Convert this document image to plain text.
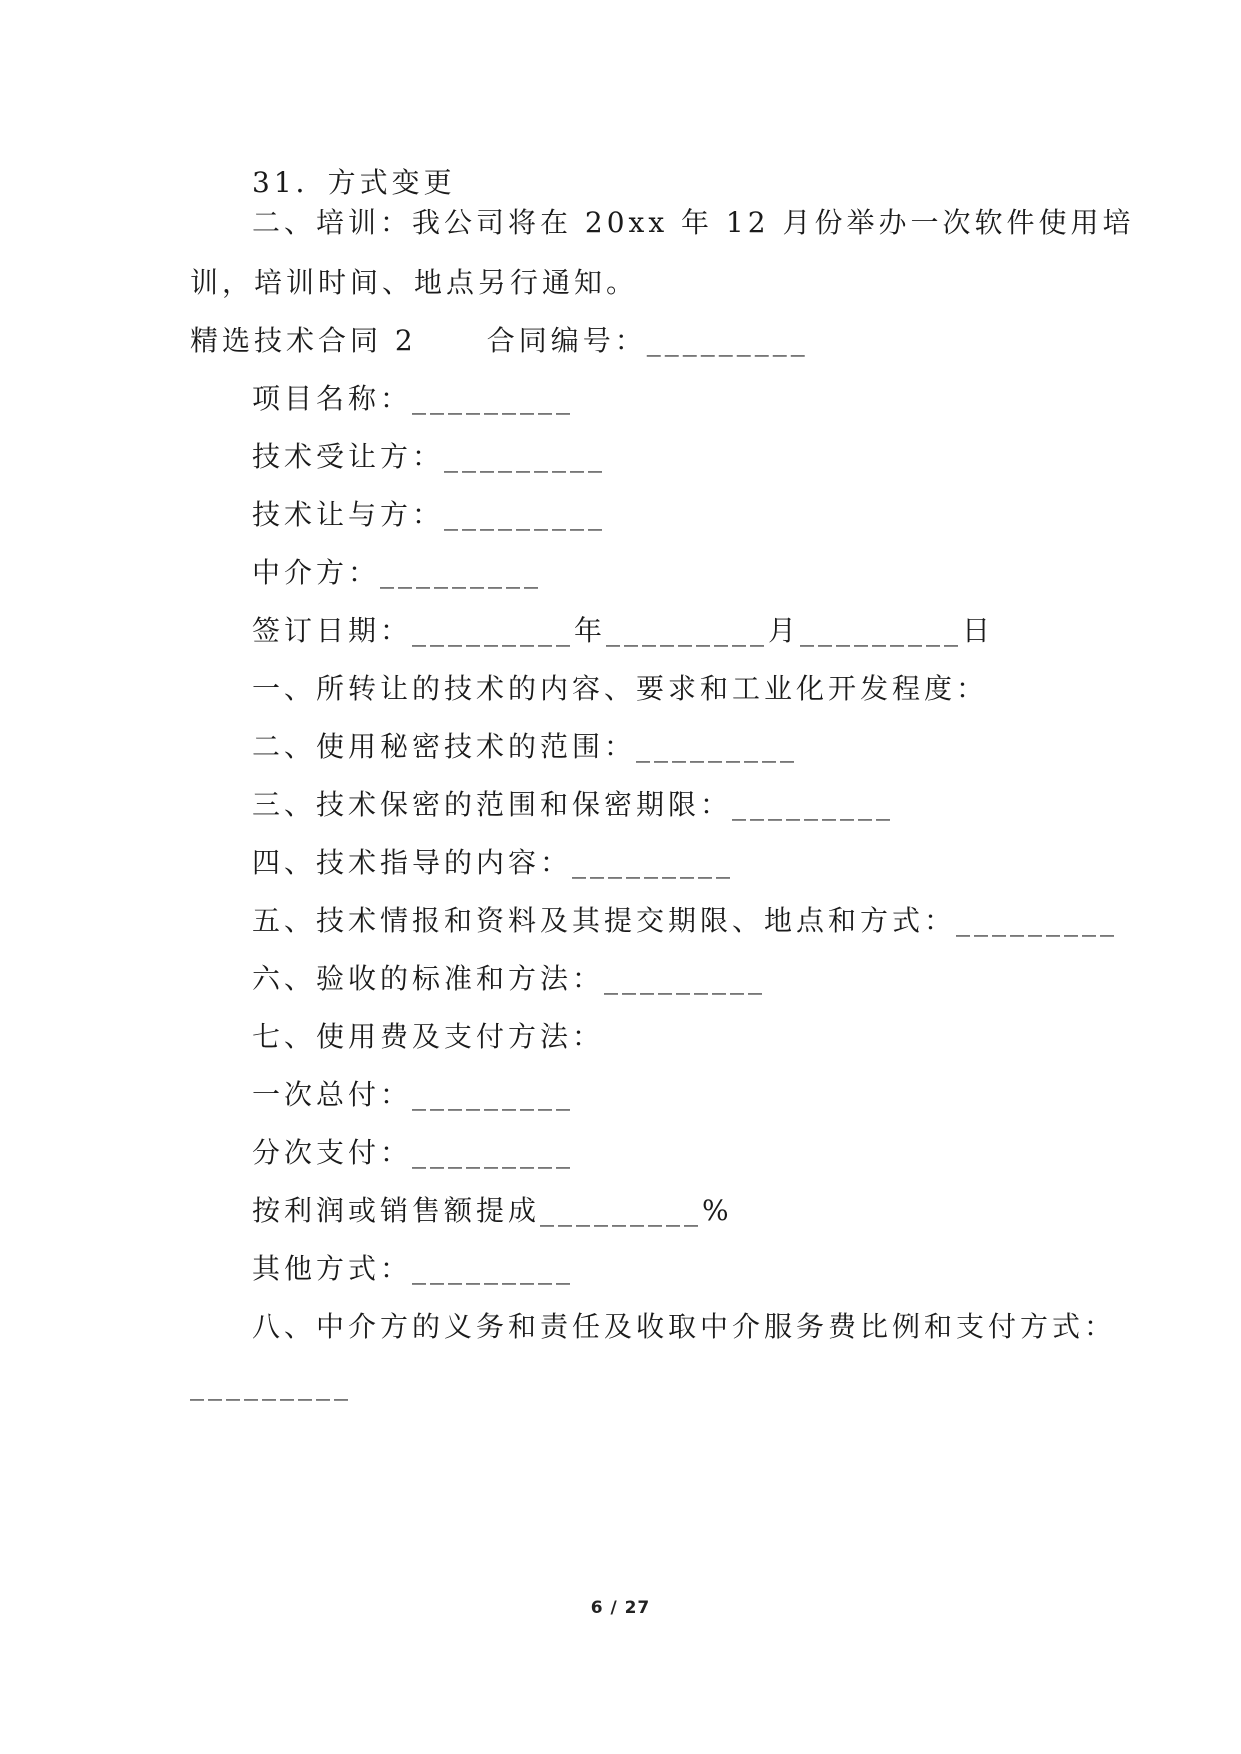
31．方式变更
二、培训：我公司将在 20xx 年 12 月份举办一次软件使用培
训，培训时间、地点另行通知。
精选技术合同 2	合同编号：_________
项目名称：_________
技术受让方：_________
技术让与方：_________
中介方：_________
签订日期：_________年_________月_________日
一、所转让的技术的内容、要求和工业化开发程度：
二、使用秘密技术的范围：_________
三、技术保密的范围和保密期限：_________
四、技术指导的内容：_________
五、技术情报和资料及其提交期限、地点和方式：_________
六、验收的标准和方法：_________
七、使用费及支付方法：
一次总付：_________
分次支付：_________
按利润或销售额提成_________%
其他方式：_________
八、中介方的义务和责任及收取中介服务费比例和支付方式：
_________
6 / 27
